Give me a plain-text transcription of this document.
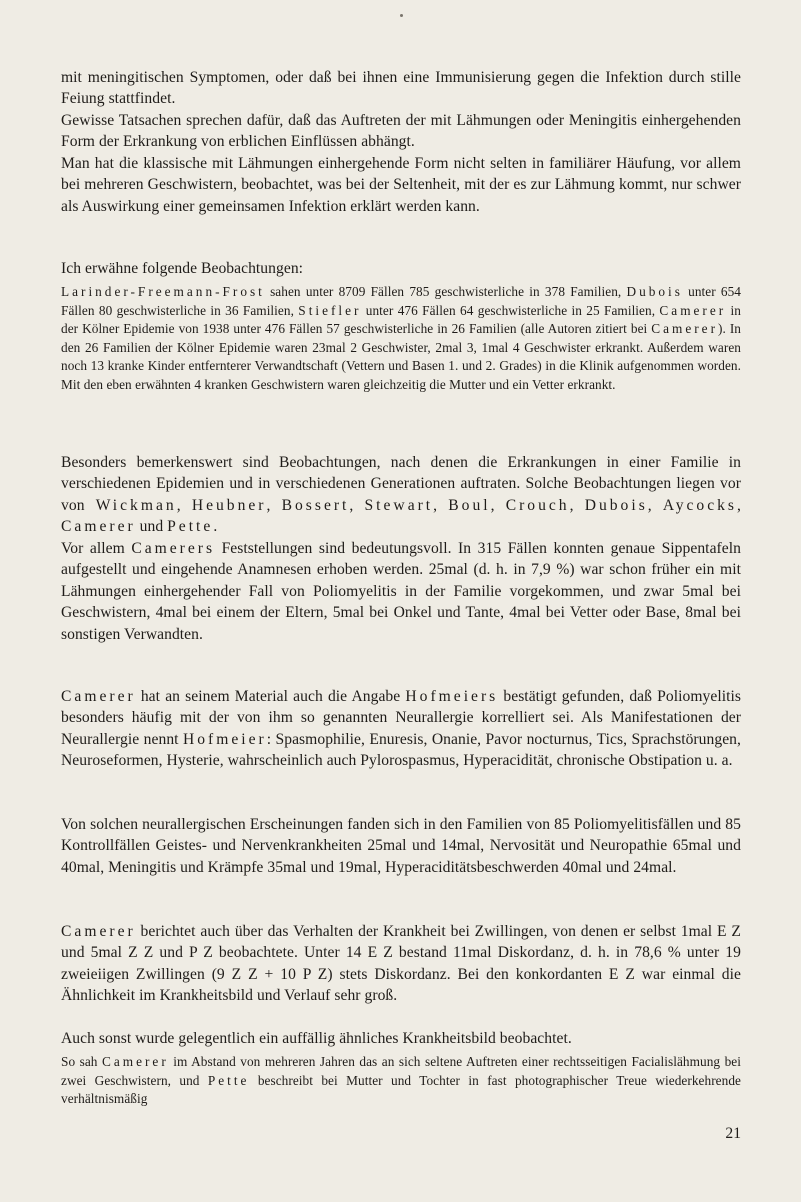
mit meningitischen Symptomen, oder daß bei ihnen eine Immunisierung gegen die Infektion durch stille Feiung stattfindet.

Gewisse Tatsachen sprechen dafür, daß das Auftreten der mit Lähmungen oder Meningitis einhergehenden Form der Erkrankung von erblichen Einflüssen abhängt.

Man hat die klassische mit Lähmungen einhergehende Form nicht selten in familiärer Häufung, vor allem bei mehreren Geschwistern, beobachtet, was bei der Seltenheit, mit der es zur Lähmung kommt, nur schwer als Auswirkung einer gemeinsamen Infektion erklärt werden kann.

Ich erwähne folgende Beobachtungen:

Larinder-Freemann-Frost sahen unter 8709 Fällen 785 geschwisterliche in 378 Familien, Dubois unter 654 Fällen 80 geschwisterliche in 36 Familien, Stiefler unter 476 Fällen 64 geschwisterliche in 25 Familien, Camerer in der Kölner Epidemie von 1938 unter 476 Fällen 57 geschwisterliche in 26 Familien (alle Autoren zitiert bei Camerer). In den 26 Familien der Kölner Epidemie waren 23mal 2 Geschwister, 2mal 3, 1mal 4 Geschwister erkrankt. Außerdem waren noch 13 kranke Kinder entfernterer Verwandtschaft (Vettern und Basen 1. und 2. Grades) in die Klinik aufgenommen worden. Mit den eben erwähnten 4 kranken Geschwistern waren gleichzeitig die Mutter und ein Vetter erkrankt.

Besonders bemerkenswert sind Beobachtungen, nach denen die Erkrankungen in einer Familie in verschiedenen Epidemien und in verschiedenen Generationen auftraten. Solche Beobachtungen liegen vor von Wickman, Heubner, Bossert, Stewart, Boul, Crouch, Dubois, Aycocks, Camerer und Pette.

Vor allem Camerers Feststellungen sind bedeutungsvoll. In 315 Fällen konnten genaue Sippentafeln aufgestellt und eingehende Anamnesen erhoben werden. 25mal (d. h. in 7,9 %) war schon früher ein mit Lähmungen einhergehender Fall von Poliomyelitis in der Familie vorgekommen, und zwar 5mal bei Geschwistern, 4mal bei einem der Eltern, 5mal bei Onkel und Tante, 4mal bei Vetter oder Base, 8mal bei sonstigen Verwandten.

Camerer hat an seinem Material auch die Angabe Hofmeiers bestätigt gefunden, daß Poliomyelitis besonders häufig mit der von ihm so genannten Neurallergie korrelliert sei. Als Manifestationen der Neurallergie nennt Hofmeier: Spasmophilie, Enuresis, Onanie, Pavor nocturnus, Tics, Sprachstörungen, Neuroseformen, Hysterie, wahrscheinlich auch Pylorospasmus, Hyperacidität, chronische Obstipation u. a.

Von solchen neurallergischen Erscheinungen fanden sich in den Familien von 85 Poliomyelitisfällen und 85 Kontrollfällen Geistes- und Nervenkrankheiten 25mal und 14mal, Nervosität und Neuropathie 65mal und 40mal, Meningitis und Krämpfe 35mal und 19mal, Hyperaciditätsbeschwerden 40mal und 24mal.

Camerer berichtet auch über das Verhalten der Krankheit bei Zwillingen, von denen er selbst 1mal E Z und 5mal Z Z und P Z beobachtete. Unter 14 E Z bestand 11mal Diskordanz, d. h. in 78,6 % unter 19 zweieiigen Zwillingen (9 Z Z + 10 P Z) stets Diskordanz. Bei den konkordanten E Z war einmal die Ähnlichkeit im Krankheitsbild und Verlauf sehr groß.

Auch sonst wurde gelegentlich ein auffällig ähnliches Krankheitsbild beobachtet.

So sah Camerer im Abstand von mehreren Jahren das an sich seltene Auftreten einer rechtsseitigen Facialislähmung bei zwei Geschwistern, und Pette beschreibt bei Mutter und Tochter in fast photographischer Treue wiederkehrende verhältnismäßig

21
